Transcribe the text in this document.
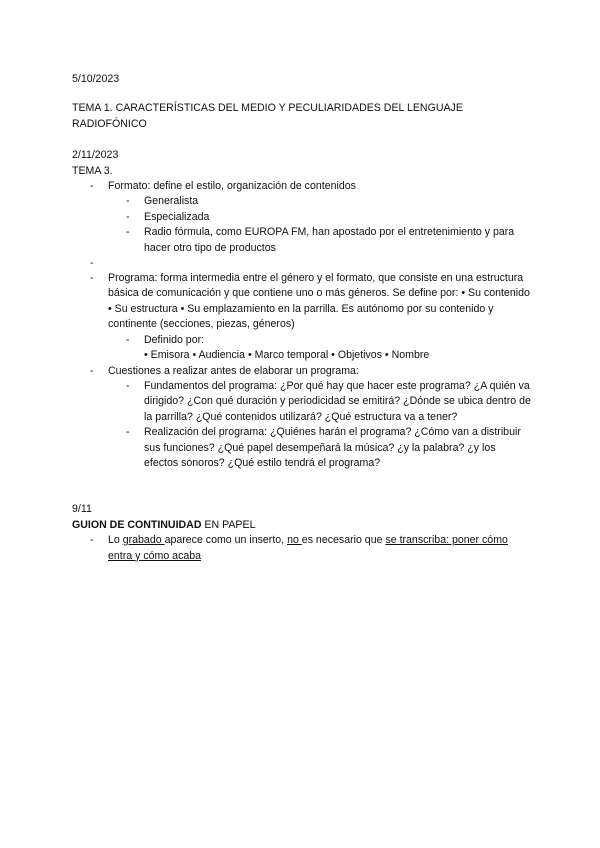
5/10/2023

TEMA 1. CARACTERÍSTICAS DEL MEDIO Y PECULIARIDADES DEL LENGUAJE RADIOFÓNICO

2/11/2023

TEMA 3.

- Formato: define el estilo, organización de contenidos
- Generalista
- Especializada
- Radio fórmula, como EUROPA FM, han apostado por el entretenimiento y para hacer otro tipo de productos
-
- Programa: forma intermedia entre el género y el formato, que consiste en una estructura básica de comunicación y que contiene uno o más géneros. Se define por: • Su contenido • Su estructura • Su emplazamiento en la parrilla. Es autónomo por su contenido y continente (secciones, piezas, géneros)
- Definido por:
• Emisora • Audiencia • Marco temporal • Objetivos • Nombre
- Cuestiones a realizar antes de elaborar un programa:
- Fundamentos del programa: ¿Por qué hay que hacer este programa? ¿A quién va dirigido? ¿Con qué duración y periodicidad se emitirá? ¿Dónde se ubica dentro de la parrilla? ¿Qué contenidos utilizará? ¿Qué estructura va a tener?
- Realización del programa: ¿Quiénes harán el programa? ¿Cómo van a distribuir sus funciones? ¿Qué papel desempeñará la música? ¿y la palabra? ¿y los efectos sonoros? ¿Qué estilo tendrá el programa?

9/11

GUION DE CONTINUIDAD EN PAPEL

- Lo grabado aparece como un inserto, no es necesario que se transcriba: poner cómo entra y cómo acaba
